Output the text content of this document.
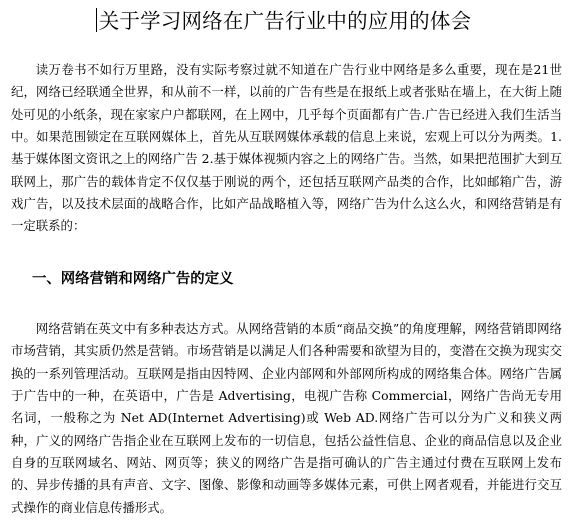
关于学习网络在广告行业中的应用的体会

读万卷书不如行万里路，没有实际考察过就不知道在广告行业中网络是多么重要，现在是21世纪，网络已经联通全世界，和从前不一样，以前的广告有些是在报纸上或者张贴在墙上，在大街上随处可见的小纸条，现在家家户户都联网，在上网中，几乎每个页面都有广告.广告已经进入我们生活当中。如果范围锁定在互联网媒体上，首先从互联网媒体承载的信息上来说，宏观上可以分为两类。1.基于媒体图文资讯之上的网络广告 2.基于媒体视频内容之上的网络广告。当然，如果把范围扩大到互联网上，那广告的载体肯定不仅仅基于刚说的两个，还包括互联网产品类的合作，比如邮箱广告，游戏广告，以及技术层面的战略合作，比如产品战略植入等，网络广告为什么这么火，和网络营销是有一定联系的：

一、网络营销和网络广告的定义

网络营销在英文中有多种表达方式。从网络营销的本质“商品交换”的角度理解，网络营销即网络市场营销，其实质仍然是营销。市场营销是以满足人们各种需要和欲望为目的，变潜在交换为现实交换的一系列管理活动。互联网是指由因特网、企业内部网和外部网所构成的网络集合体。网络广告属于广告中的一种，在英语中，广告是 Advertising，电视广告称 Commercial，网络广告尚无专用名词，一般称之为 Net AD(Internet Advertising)或 Web AD.网络广告可以分为广义和狭义两种，广义的网络广告指企业在互联网上发布的一切信息，包括公益性信息、企业的商品信息以及企业自身的互联网域名、网站、网页等；狭义的网络广告是指可确认的广告主通过付费在互联网上发布的、异步传播的具有声音、文字、图像、影像和动画等多媒体元素，可供上网者观看，并能进行交互式操作的商业信息传播形式。
